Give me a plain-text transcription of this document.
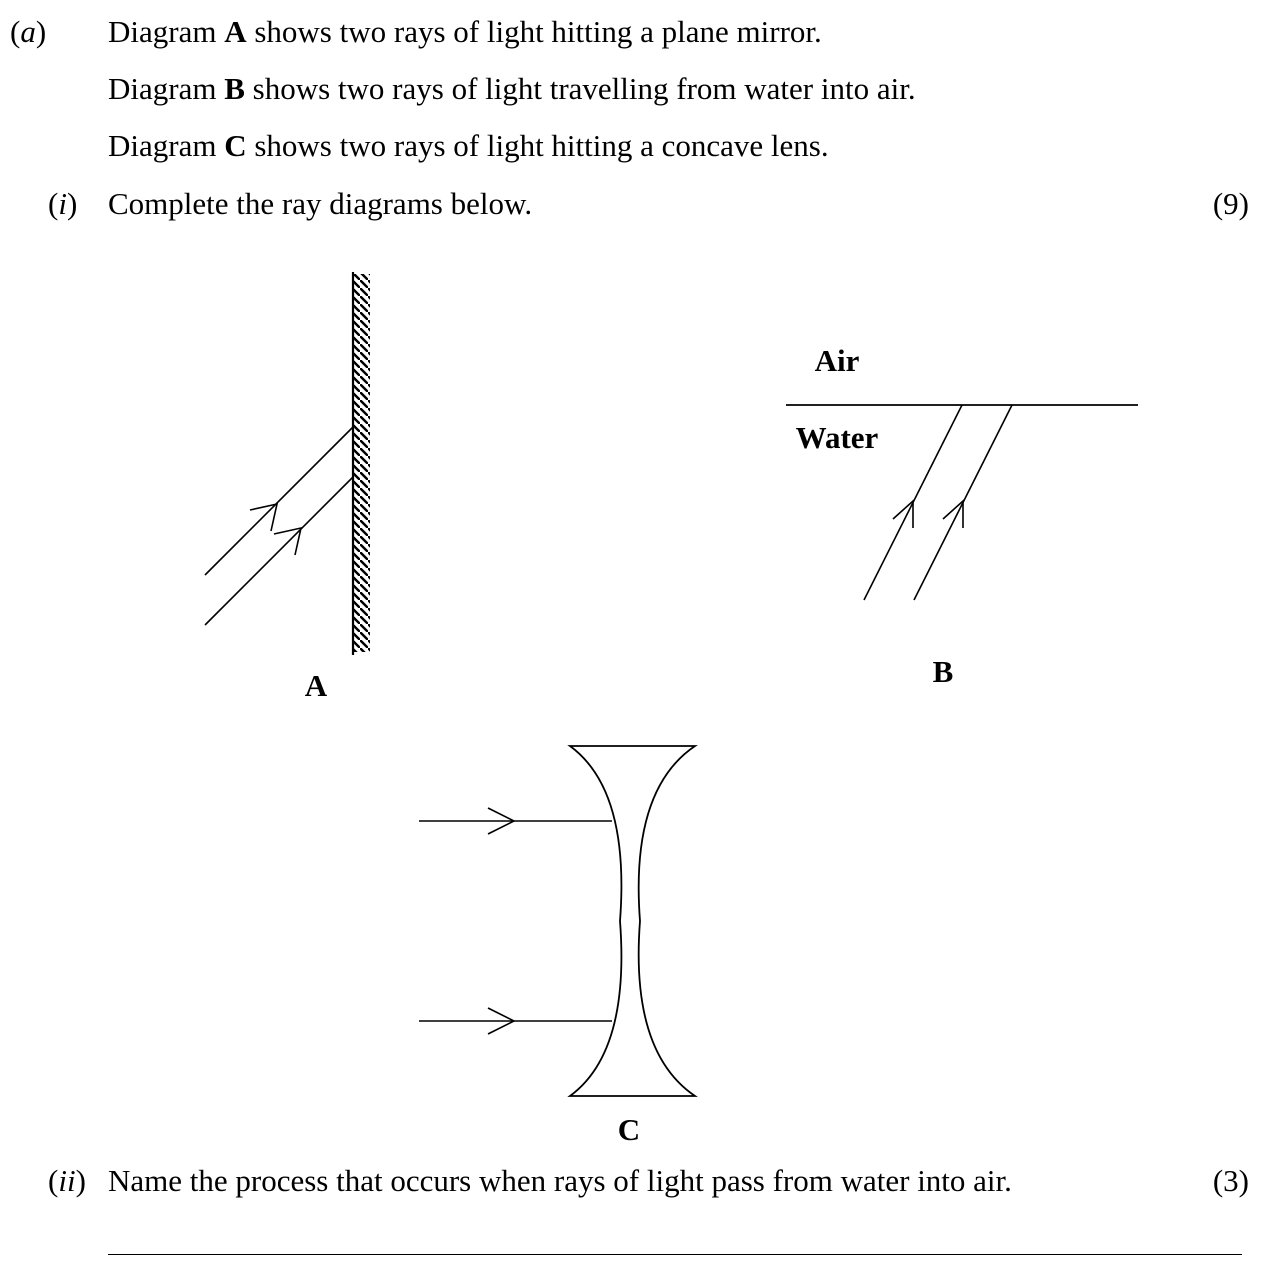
(a) Diagram A shows two rays of light hitting a plane mirror.
Diagram B shows two rays of light travelling from water into air.
Diagram C shows two rays of light hitting a concave lens.
(i) Complete the ray diagrams below.	(9)
A
Air
Water
B
C
(ii) Name the process that occurs when rays of light pass from water into air.	(3)
